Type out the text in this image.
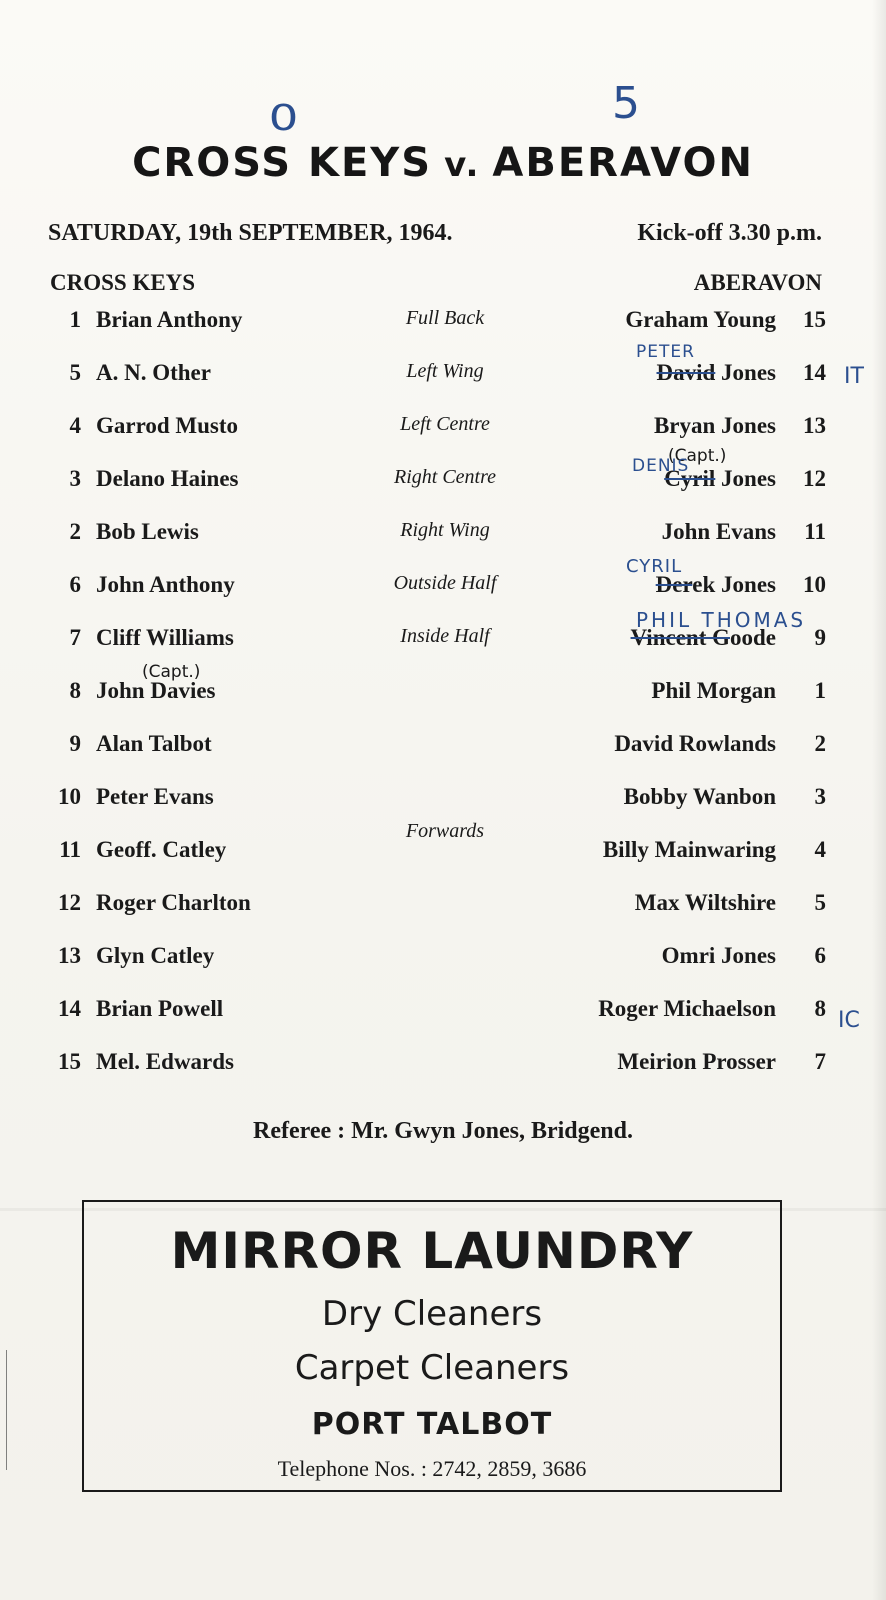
0	5
CROSS KEYS v. ABERAVON
SATURDAY, 19th SEPTEMBER, 1964.	Kick-off 3.30 p.m.
CROSS KEYS	ABERAVON
1 Brian Anthony	Full Back	Graham Young 15
5 A. N. Other	Left Wing	David Jones 14
4 Garrod Musto	Left Centre	Bryan Jones 13
3 Delano Haines	Right Centre	Cyril Jones 12
2 Bob Lewis	Right Wing	John Evans 11
6 John Anthony	Outside Half	Derek Jones 10
7 Cliff Williams	Inside Half	Vincent Goode 9
8 John Davies	Phil Morgan 1
9 Alan Talbot	David Rowlands 2
10 Peter Evans	Bobby Wanbon 3
11 Geoff. Catley	Billy Mainwaring 4
12 Roger Charlton	Max Wiltshire 5
13 Glyn Catley	Omri Jones 6
14 Brian Powell	Roger Michaelson 8
15 Mel. Edwards	Meirion Prosser 7
(Capt.)
(Capt.)
Forwards
PETER
DENIS
CYRIL
PHIL THOMAS
IT
IC
Referee : Mr. Gwyn Jones, Bridgend.
MIRROR LAUNDRY
Dry Cleaners
Carpet Cleaners
PORT TALBOT
Telephone Nos. : 2742, 2859, 3686
